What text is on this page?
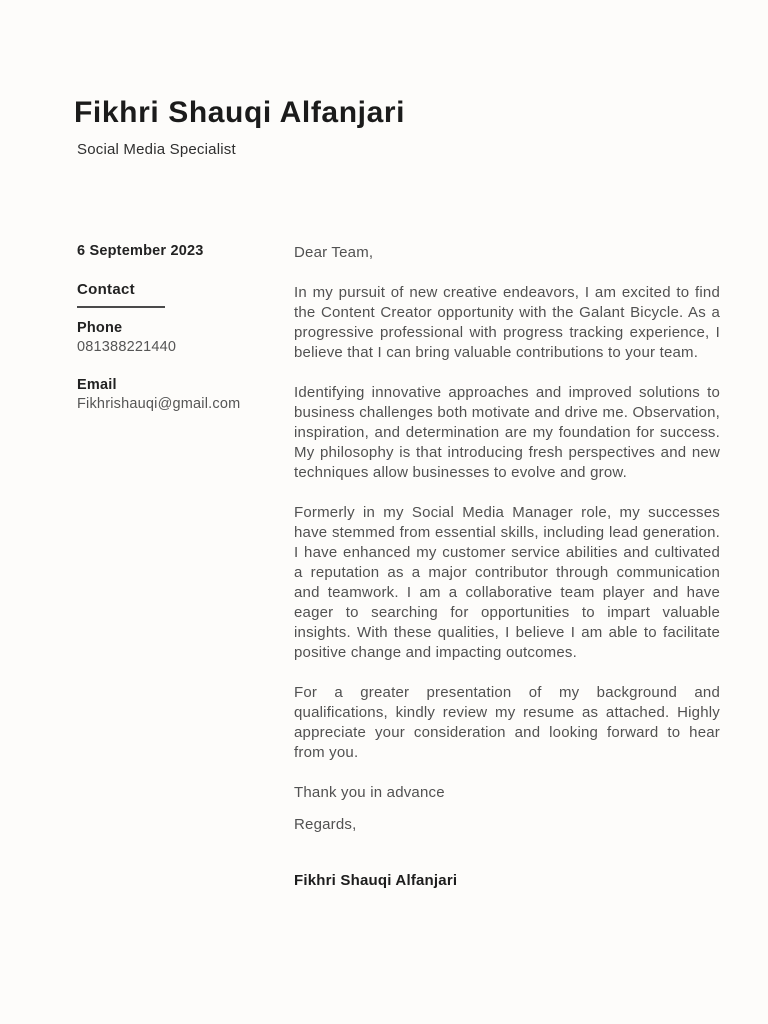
Fikhri Shauqi Alfanjari
Social Media Specialist
6 September 2023
Contact
Phone
081388221440
Email
Fikhrishauqi@gmail.com

Dear Team,

In my pursuit of new creative endeavors, I am excited to find the Content Creator opportunity with the Galant Bicycle. As a progressive professional with progress tracking experience, I believe that I can bring valuable contributions to your team.

Identifying innovative approaches and improved solutions to business challenges both motivate and drive me. Observation, inspiration, and determination are my foundation for success. My philosophy is that introducing fresh perspectives and new techniques allow businesses to evolve and grow.

Formerly in my Social Media Manager role, my successes have stemmed from essential skills, including lead generation. I have enhanced my customer service abilities and cultivated a reputation as a major contributor through communication and teamwork. I am a collaborative team player and have eager to searching for opportunities to impart valuable insights. With these qualities, I believe I am able to facilitate positive change and impacting outcomes.

For a greater presentation of my background and qualifications, kindly review my resume as attached. Highly appreciate your consideration and looking forward to hear from you.

Thank you in advance

Regards,

Fikhri Shauqi Alfanjari
